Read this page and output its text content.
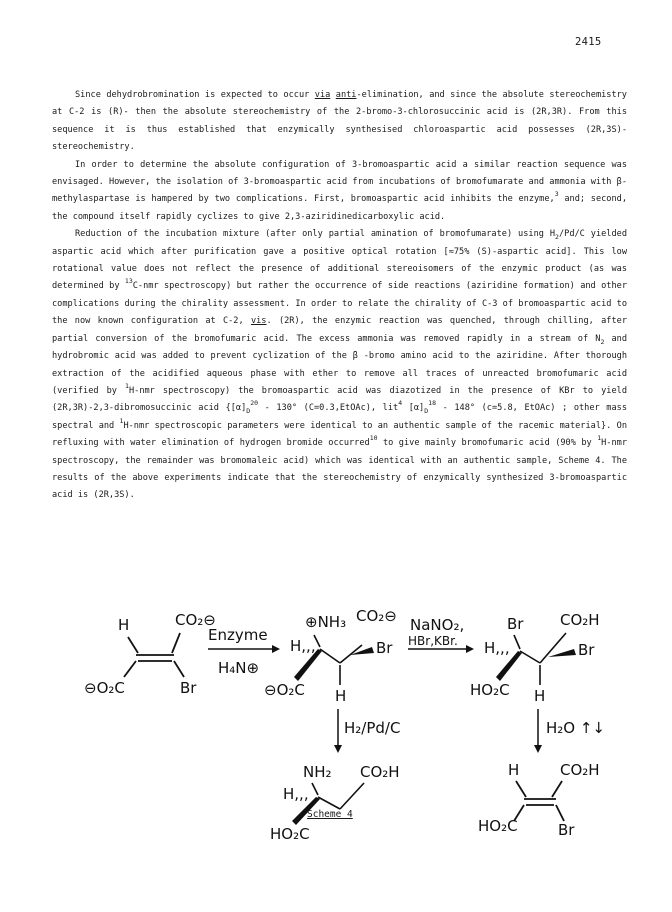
2415

Since dehydrobromination is expected to occur via anti-elimination, and since the absolute stereochemistry at C-2 is (R)- then the absolute stereochemistry of the 2-bromo-3-chlorosuccinic acid is (2R,3R). From this sequence it is thus established that enzymically synthesised chloroaspartic acid possesses (2R,3S)-stereochemistry.

In order to determine the absolute configuration of 3-bromoaspartic acid a similar reaction sequence was envisaged. However, the isolation of 3-bromoaspartic acid from incubations of bromofumarate and ammonia with β-methylaspartase is hampered by two complications. First, bromoaspartic acid inhibits the enzyme,$^3$ and; second, the compound itself rapidly cyclizes to give 2,3-aziridinedicarboxylic acid.

Reduction of the incubation mixture (after only partial amination of bromofumarate) using $H_2/Pd/C$ yielded aspartic acid which after purification gave a positive optical rotation [≈75% (S)-aspartic acid]. This low rotational value does not reflect the presence of additional stereoisomers of the enzymic product (as was determined by $^{13}$C-nmr spectroscopy) but rather the occurrence of side reactions (aziridine formation) and other complications during the chirality assessment. In order to relate the chirality of C-3 of bromoaspartic acid to the now known configuration at C-2, vis. (2R), the enzymic reaction was quenched, through chilling, after partial conversion of the bromofumaric acid. The excess ammonia was removed rapidly in a stream of $N_2$ and hydrobromic acid was added to prevent cyclization of the β -bromo amino acid to the aziridine. After thorough extraction of the acidified aqueous phase with ether to remove all traces of unreacted bromofumaric acid (verified by $^1$H-nmr spectroscopy) the bromoaspartic acid was diazotized in the presence of KBr to yield (2R,3R)-2,3-dibromosuccinic acid {$[\alpha]_D^{20} - 130^\circ$ (C=0.3,EtOAc), lit$^4$ $[\alpha]_D^{18} - 148^\circ$ (c=5.8, EtOAc) ; other mass spectral and $^1$H-nmr spectroscopic parameters were identical to an authentic sample of the racemic material}. On refluxing with water elimination of hydrogen bromide occurred$^{10}$ to give mainly bromofumaric acid (90% by $^1$H-nmr spectroscopy, the remainder was bromomaleic acid) which was identical with an authentic sample, Scheme 4. The results of the above experiments indicate that the stereochemistry of enzymically synthesized 3-bromoaspartic acid is (2R,3S).

H	CO₂⊖
⊖O₂C	Br
Enzyme
H₄N⊕
⊕NH₃ CO₂⊖
H,,,	Br
⊖O₂C H
NaNO₂,
HBr,KBr.
Br CO₂H
H,,,	Br
HO₂C H
H₂/Pd/C	H₂O ↑↓
NH₂ CO₂H
H,,,
HO₂C
H	CO₂H
HO₂C	Br
Scheme 4
